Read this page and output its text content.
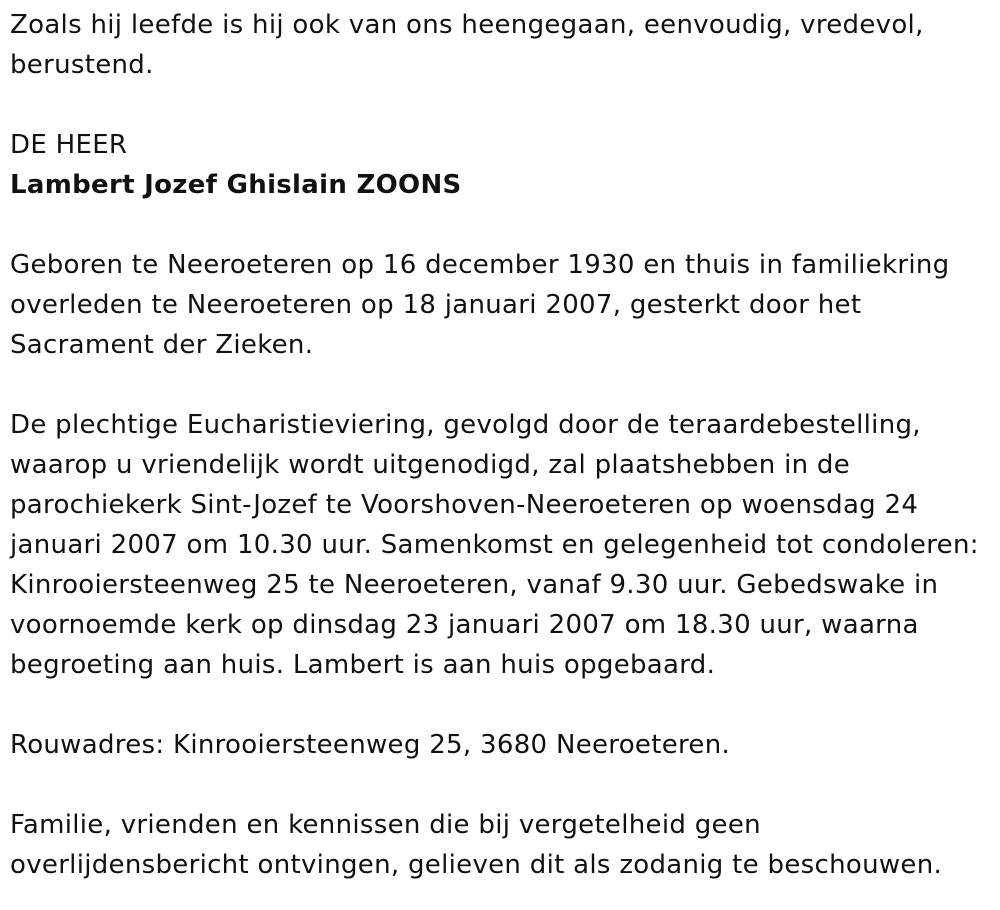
Zoals hij leefde is hij ook van ons heengegaan, eenvoudig, vredevol,
berustend.

DE HEER

Lambert Jozef Ghislain ZOONS

Geboren te Neeroeteren op 16 december 1930 en thuis in familiekring
overleden te Neeroeteren op 18 januari 2007, gesterkt door het
Sacrament der Zieken.

De plechtige Eucharistieviering, gevolgd door de teraardebestelling,
waarop u vriendelijk wordt uitgenodigd, zal plaatshebben in de
parochiekerk Sint-Jozef te Voorshoven-Neeroeteren op woensdag 24
januari 2007 om 10.30 uur. Samenkomst en gelegenheid tot condoleren:
Kinrooiersteenweg 25 te Neeroeteren, vanaf 9.30 uur. Gebedswake in
voornoemde kerk op dinsdag 23 januari 2007 om 18.30 uur, waarna
begroeting aan huis. Lambert is aan huis opgebaard.

Rouwadres: Kinrooiersteenweg 25, 3680 Neeroeteren.

Familie, vrienden en kennissen die bij vergetelheid geen
overlijdensbericht ontvingen, gelieven dit als zodanig te beschouwen.
